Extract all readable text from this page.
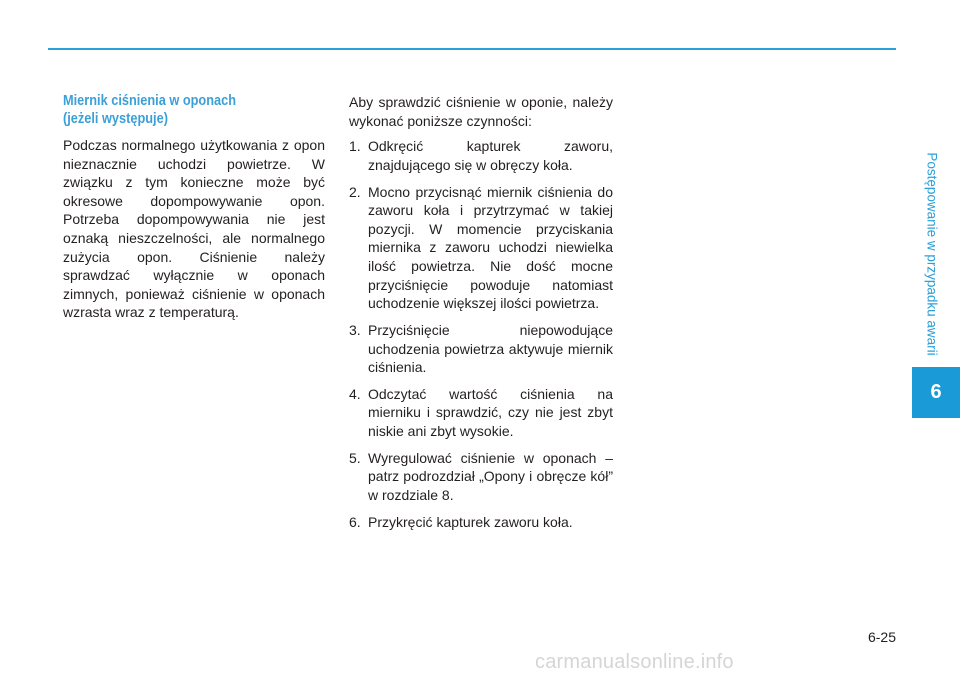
Miernik ciśnienia w oponach
(jeżeli występuje)

Podczas normalnego użytkowania z opon nieznacznie uchodzi powietrze. W związku z tym konieczne może być okresowe dopompowywanie opon. Potrzeba dopompowywania nie jest oznaką nieszczelności, ale normalnego zużycia opon. Ciśnienie należy sprawdzać wyłącznie w oponach zimnych, ponieważ ciśnienie w oponach wzrasta wraz z temperaturą.

Aby sprawdzić ciśnienie w oponie, należy wykonać poniższe czynności:

1. Odkręcić kapturek zaworu, znajdującego się w obręczy koła.
2. Mocno przycisnąć miernik ciśnienia do zaworu koła i przytrzymać w takiej pozycji. W momencie przyciskania miernika z zaworu uchodzi niewielka ilość powietrza. Nie dość mocne przyciśnięcie powoduje natomiast uchodzenie większej ilości powietrza.
3. Przyciśnięcie niepowodujące uchodzenia powietrza aktywuje miernik ciśnienia.
4. Odczytać wartość ciśnienia na mierniku i sprawdzić, czy nie jest zbyt niskie ani zbyt wysokie.
5. Wyregulować ciśnienie w oponach – patrz podrozdział „Opony i obręcze kół” w rozdziale 8.
6. Przykręcić kapturek zaworu koła.
Postępowanie w przypadku awarii
6
6-25
carmanualsonline.info
